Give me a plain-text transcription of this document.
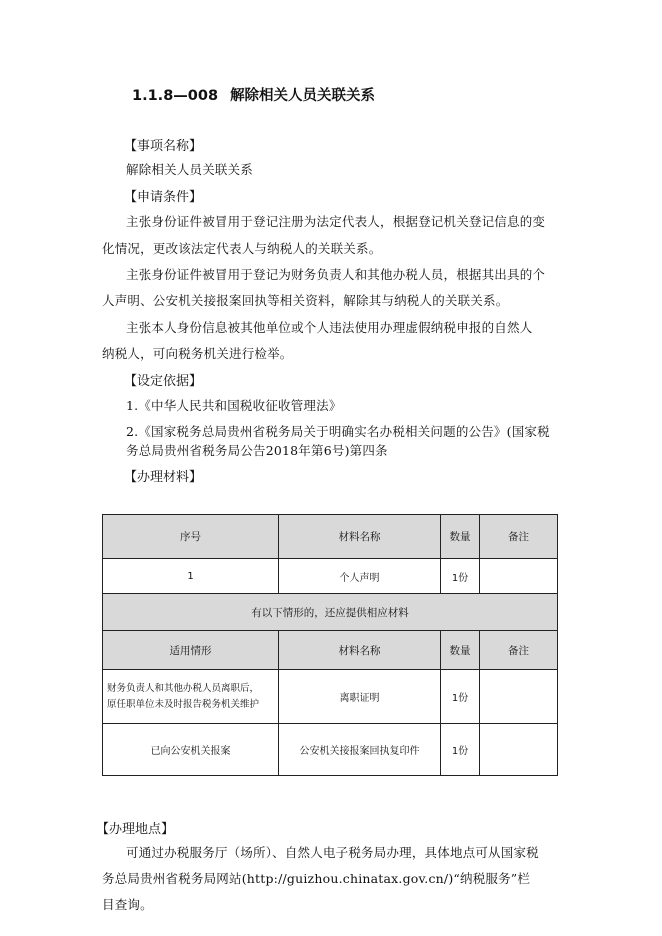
1.1.8—008 解除相关人员关联关系
【事项名称】
解除相关人员关联关系
【申请条件】
主张身份证件被冒用于登记注册为法定代表人，根据登记机关登记信息的变
化情况，更改该法定代表人与纳税人的关联关系。
主张身份证件被冒用于登记为财务负责人和其他办税人员，根据其出具的个
人声明、公安机关接报案回执等相关资料，解除其与纳税人的关联关系。
主张本人身份信息被其他单位或个人违法使用办理虚假纳税申报的自然人
纳税人，可向税务机关进行检举。
【设定依据】
1.《中华人民共和国税收征收管理法》
2.《国家税务总局贵州省税务局关于明确实名办税相关问题的公告》(国家税
务总局贵州省税务局公告2018年第6号)第四条
【办理材料】
序号	材料名称	数量	备注
1	个人声明	1份	
有以下情形的，还应提供相应材料			
适用情形	材料名称	数量	备注

财务负责人和其他办税人员离职后，
原任职单位未及时报告税务机关维护	离职证明	1份	
已向公安机关报案	公安机关接报案回执复印件	1份	
【办理地点】
可通过办税服务厅（场所）、自然人电子税务局办理，具体地点可从国家税
务总局贵州省税务局网站(http://guizhou.chinatax.gov.cn/)“纳税服务”栏
目查询。
